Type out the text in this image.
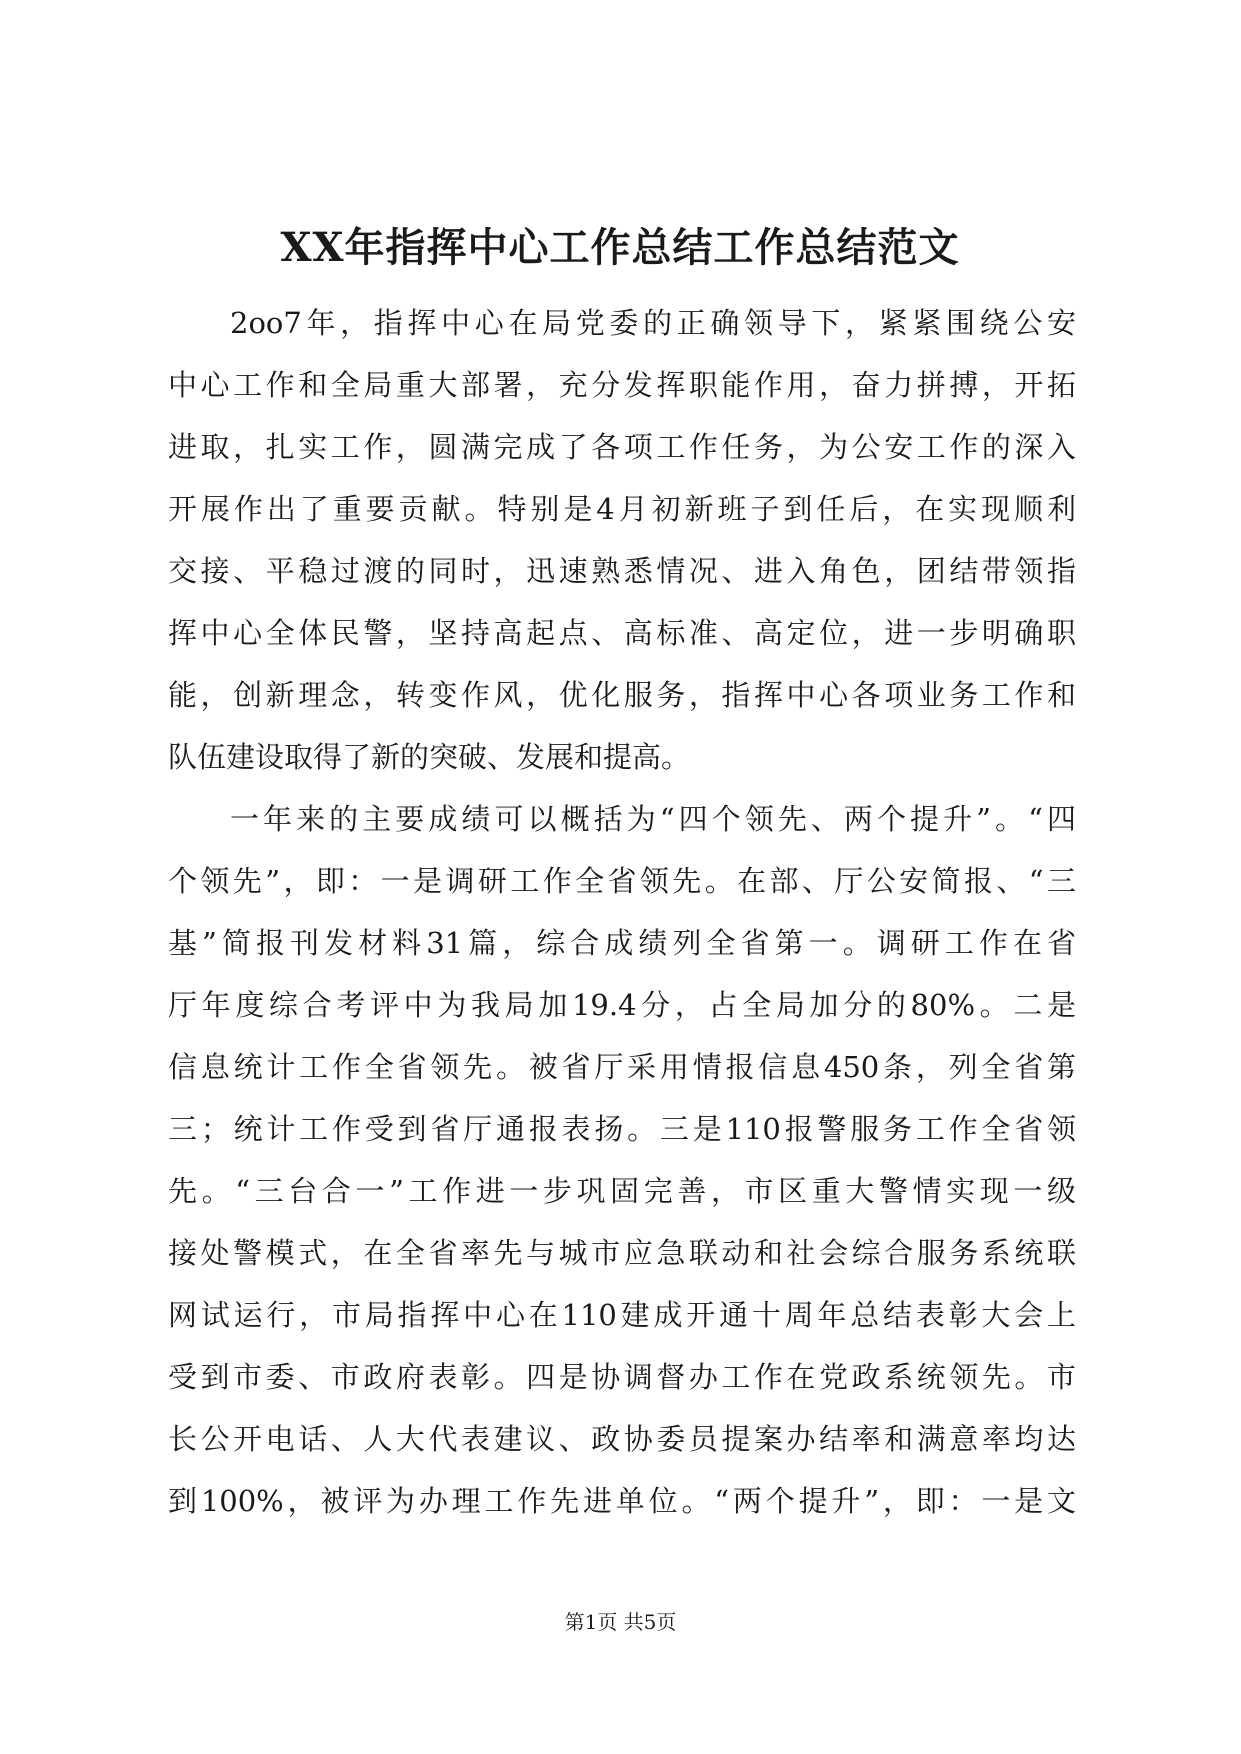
XX年指挥中心工作总结工作总结范文
2oo7年，指挥中心在局党委的正确领导下，紧紧围绕公安
中心工作和全局重大部署，充分发挥职能作用，奋力拼搏，开拓
进取，扎实工作，圆满完成了各项工作任务，为公安工作的深入
开展作出了重要贡献。特别是4月初新班子到任后，在实现顺利
交接、平稳过渡的同时，迅速熟悉情况、进入角色，团结带领指
挥中心全体民警，坚持高起点、高标准、高定位，进一步明确职
能，创新理念，转变作风，优化服务，指挥中心各项业务工作和
队伍建设取得了新的突破、发展和提高。
一年来的主要成绩可以概括为“四个领先、两个提升”。“四
个领先”，即：一是调研工作全省领先。在部、厅公安简报、“三
基”简报刊发材料31篇，综合成绩列全省第一。调研工作在省
厅年度综合考评中为我局加19.4分，占全局加分的80%。二是
信息统计工作全省领先。被省厅采用情报信息450条，列全省第
三；统计工作受到省厅通报表扬。三是110报警服务工作全省领
先。“三台合一”工作进一步巩固完善，市区重大警情实现一级
接处警模式，在全省率先与城市应急联动和社会综合服务系统联
网试运行，市局指挥中心在110建成开通十周年总结表彰大会上
受到市委、市政府表彰。四是协调督办工作在党政系统领先。市
长公开电话、人大代表建议、政协委员提案办结率和满意率均达
到100%，被评为办理工作先进单位。“两个提升”，即：一是文
第1页 共5页
